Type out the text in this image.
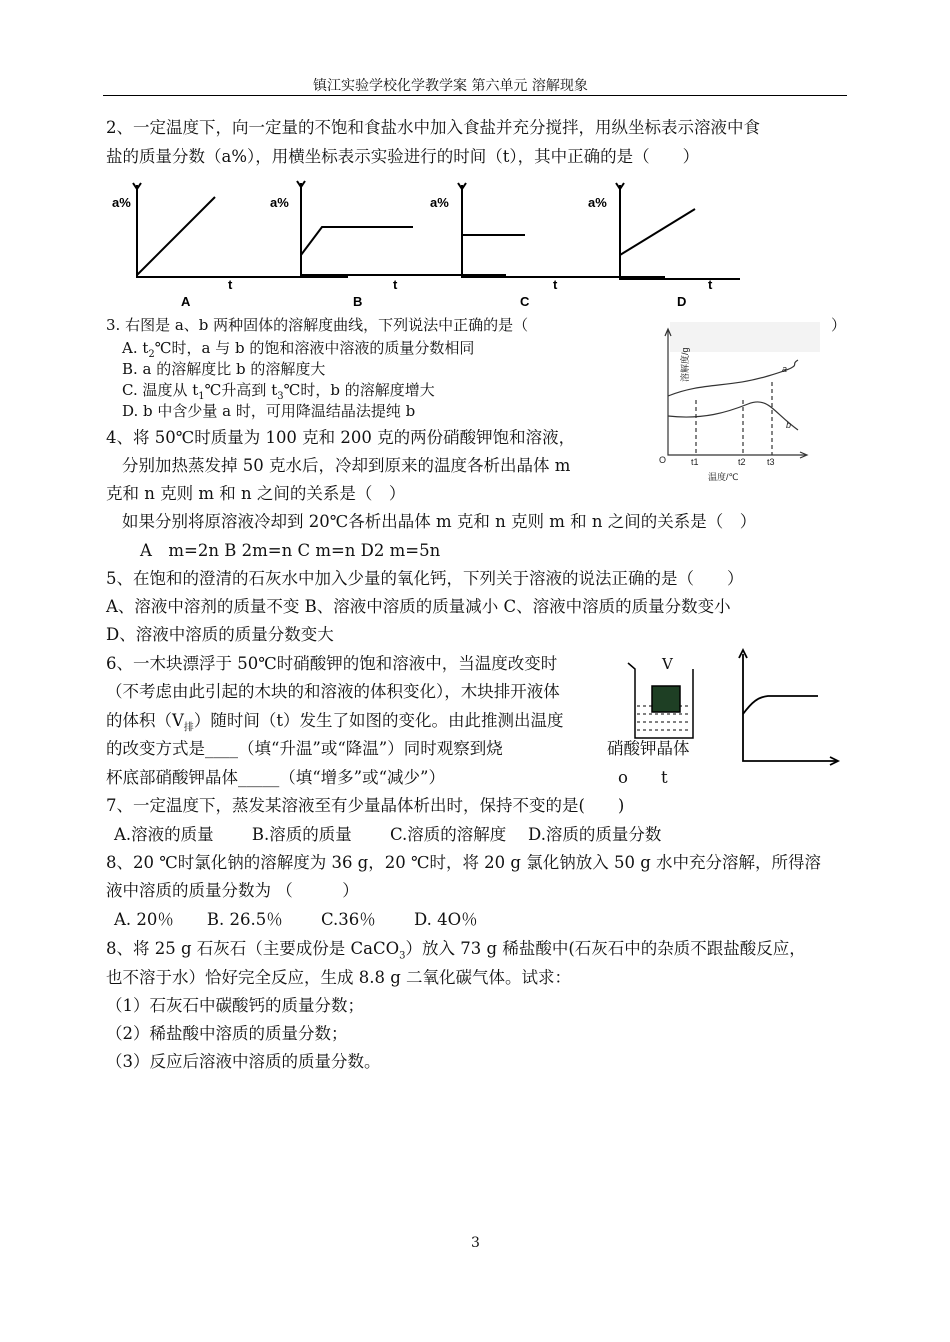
镇江实验学校化学教学案 第六单元 溶解现象
2、一定温度下，向一定量的不饱和食盐水中加入食盐并充分搅拌，用纵坐标表示溶液中食
盐的质量分数（a%），用横坐标表示实验进行的时间（t），其中正确的是（　　）
a%	a%	a%	a%
t	t	t	t
A	B	C	D
3. 右图是 a、b 两种固体的溶解度曲线，下列说法中正确的是（	）
A. $t_2℃$时，a 与 b 的饱和溶液中溶液的质量分数相同
B. a 的溶解度比 b 的溶解度大
C. 温度从 $t_1℃$升高到 $t_3℃$时，b 的溶解度增大
D. b 中含少量 a 时，可用降温结晶法提纯 b
溶解度/g
O	t1	t2 t3
温度/℃
a
b
4、将 50℃时质量为 100 克和 200 克的两份硝酸钾饱和溶液，
分别加热蒸发掉 50 克水后，冷却到原来的温度各析出晶体 m
克和 n 克则 m 和 n 之间的关系是（　）
如果分别将原溶液冷却到 20℃各析出晶体 m 克和 n 克则 m 和 n 之间的关系是（　）
A　m=2n B 2m=n C m=n D2 m=5n
5、在饱和的澄清的石灰水中加入少量的氧化钙，下列关于溶液的说法正确的是（　　）
A、溶液中溶剂的质量不变 B、溶液中溶质的质量减小 C、溶液中溶质的质量分数变小
D、溶液中溶质的质量分数变大
6、一木块漂浮于 50℃时硝酸钾的饱和溶液中，当温度改变时
（不考虑由此引起的木块的和溶液的体积变化），木块排开液体
的体积$(V_排)$随时间（t）发生了如图的变化。由此推测出温度
的改变方式是____（填“升温”或“降温”）同时观察到烧	硝酸钾晶体
杯底部硝酸钾晶体_____（填“增多”或“减少”）	o t
V
7、一定温度下，蒸发某溶液至有少量晶体析出时，保持不变的是(　　)
A.溶液的质量　　 B.溶质的质量　　 C.溶质的溶解度　 D.溶质的质量分数
8、20 ℃时氯化钠的溶解度为 36 g，20 ℃时，将 20 g 氯化钠放入 50 g 水中充分溶解，所得溶
液中溶质的质量分数为 （　　　）
A. 20％　　B. 26.5％　　 C.36％　　 D. 4O％
8、将 25 g 石灰石（主要成份是 CaCO$_3$）放入 73 g 稀盐酸中(石灰石中的杂质不跟盐酸反应，
也不溶于水）恰好完全反应，生成 8.8 g 二氧化碳气体。试求：
（1）石灰石中碳酸钙的质量分数；
（2）稀盐酸中溶质的质量分数；
（3）反应后溶液中溶质的质量分数。
3
